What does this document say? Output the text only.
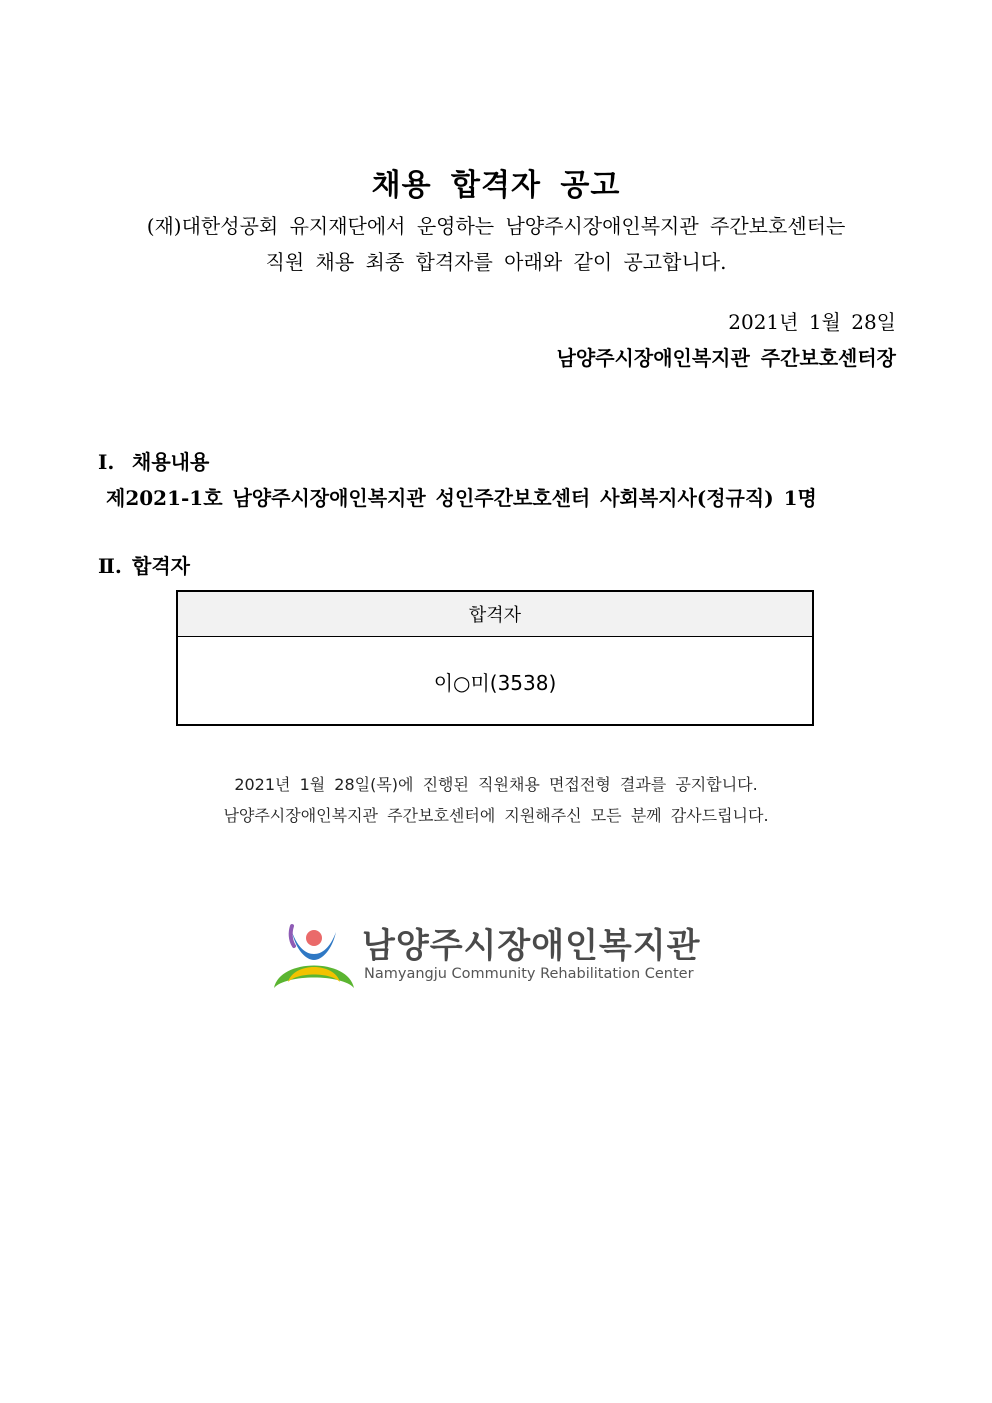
채용 합격자 공고
(재)대한성공회 유지재단에서 운영하는 남양주시장애인복지관 주간보호센터는
직원 채용 최종 합격자를 아래와 같이 공고합니다.
2021년 1월 28일
남양주시장애인복지관 주간보호센터장
Ⅰ. 채용내용
제2021-1호 남양주시장애인복지관 성인주간보호센터 사회복지사(정규직) 1명
Ⅱ. 합격자
합격자
이○미(3538)
2021년 1월 28일(목)에 진행된 직원채용 면접전형 결과를 공지합니다.
남양주시장애인복지관 주간보호센터에 지원해주신 모든 분께 감사드립니다.
남양주시장애인복지관
Namyangju Community Rehabilitation Center
